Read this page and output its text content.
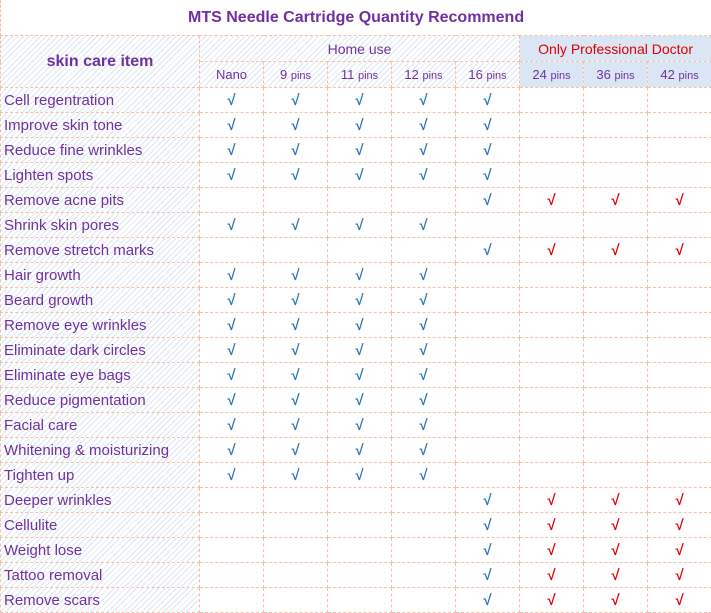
MTS Needle Cartridge Quantity Recommend								
skin care item	Home use					Only Professional Doctor		
	Nano	9 pins	11 pins	12 pins	16 pins	24 pins	36 pins	42 pins
Cell regentration	√	√	√	√	√			
Improve skin tone	√	√	√	√	√			
Reduce fine wrinkles	√	√	√	√	√			
Lighten spots	√	√	√	√	√			
Remove acne pits					√	√	√	√
Shrink skin pores	√	√	√	√				
Remove stretch marks					√	√	√	√
Hair growth	√	√	√	√				
Beard growth	√	√	√	√				
Remove eye wrinkles	√	√	√	√				
Eliminate dark circles	√	√	√	√				
Eliminate eye bags	√	√	√	√				
Reduce pigmentation	√	√	√	√				
Facial care	√	√	√	√				
Whitening & moisturizing	√	√	√	√				
Tighten up	√	√	√	√				
Deeper wrinkles					√	√	√	√
Cellulite					√	√	√	√
Weight lose					√	√	√	√
Tattoo removal					√	√	√	√
Remove scars					√	√	√	√
